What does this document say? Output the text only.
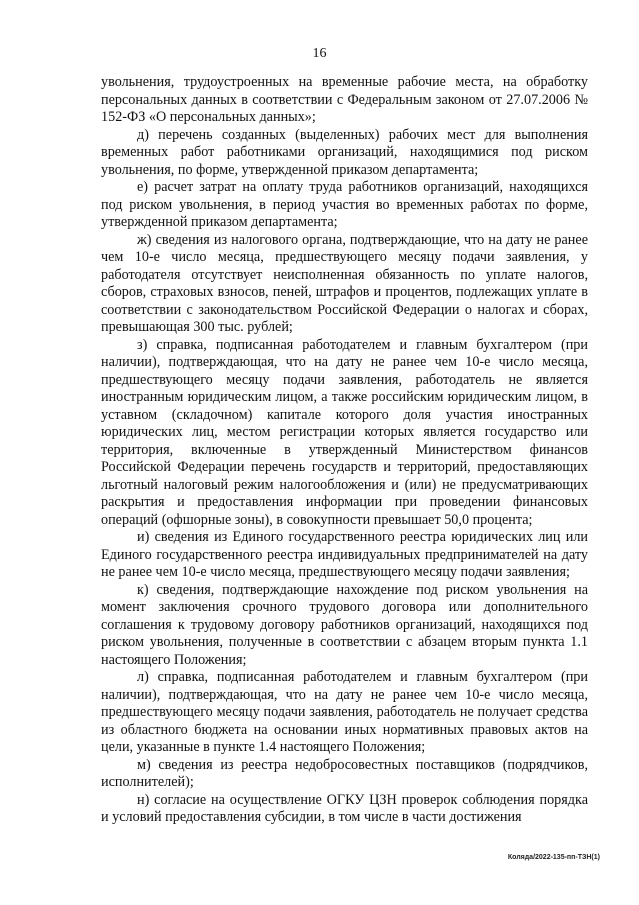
16

увольнения, трудоустроенных на временные рабочие места, на обработку персональных данных в соответствии с Федеральным законом от 27.07.2006 № 152-ФЗ «О персональных данных»;

д) перечень созданных (выделенных) рабочих мест для выполнения временных работ работниками организаций, находящимися под риском увольнения, по форме, утвержденной приказом департамента;

е) расчет затрат на оплату труда работников организаций, находящихся под риском увольнения, в период участия во временных работах по форме, утвержденной приказом департамента;

ж) сведения из налогового органа, подтверждающие, что на дату не ранее чем 10-е число месяца, предшествующего месяцу подачи заявления, у работодателя отсутствует неисполненная обязанность по уплате налогов, сборов, страховых взносов, пеней, штрафов и процентов, подлежащих уплате в соответствии с законодательством Российской Федерации о налогах и сборах, превышающая 300 тыс. рублей;

з) справка, подписанная работодателем и главным бухгалтером (при наличии), подтверждающая, что на дату не ранее чем 10-е число месяца, предшествующего месяцу подачи заявления, работодатель не является иностранным юридическим лицом, а также российским юридическим лицом, в уставном (складочном) капитале которого доля участия иностранных юридических лиц, местом регистрации которых является государство или территория, включенные в утвержденный Министерством финансов Российской Федерации перечень государств и территорий, предоставляющих льготный налоговый режим налогообложения и (или) не предусматривающих раскрытия и предоставления информации при проведении финансовых операций (офшорные зоны), в совокупности превышает 50,0 процента;

и) сведения из Единого государственного реестра юридических лиц или Единого государственного реестра индивидуальных предпринимателей на дату не ранее чем 10-е число месяца, предшествующего месяцу подачи заявления;

к) сведения, подтверждающие нахождение под риском увольнения на момент заключения срочного трудового договора или дополнительного соглашения к трудовому договору работников организаций, находящихся под риском увольнения, полученные в соответствии с абзацем вторым пункта 1.1 настоящего Положения;

л) справка, подписанная работодателем и главным бухгалтером (при наличии), подтверждающая, что на дату не ранее чем 10-е число месяца, предшествующего месяцу подачи заявления, работодатель не получает средства из областного бюджета на основании иных нормативных правовых актов на цели, указанные в пункте 1.4 настоящего Положения;

м) сведения из реестра недобросовестных поставщиков (подрядчиков, исполнителей);

н) согласие на осуществление ОГКУ ЦЗН проверок соблюдения порядка и условий предоставления субсидии, в том числе в части достижения

Коляда/2022-135-пп-ТЗН(1)
